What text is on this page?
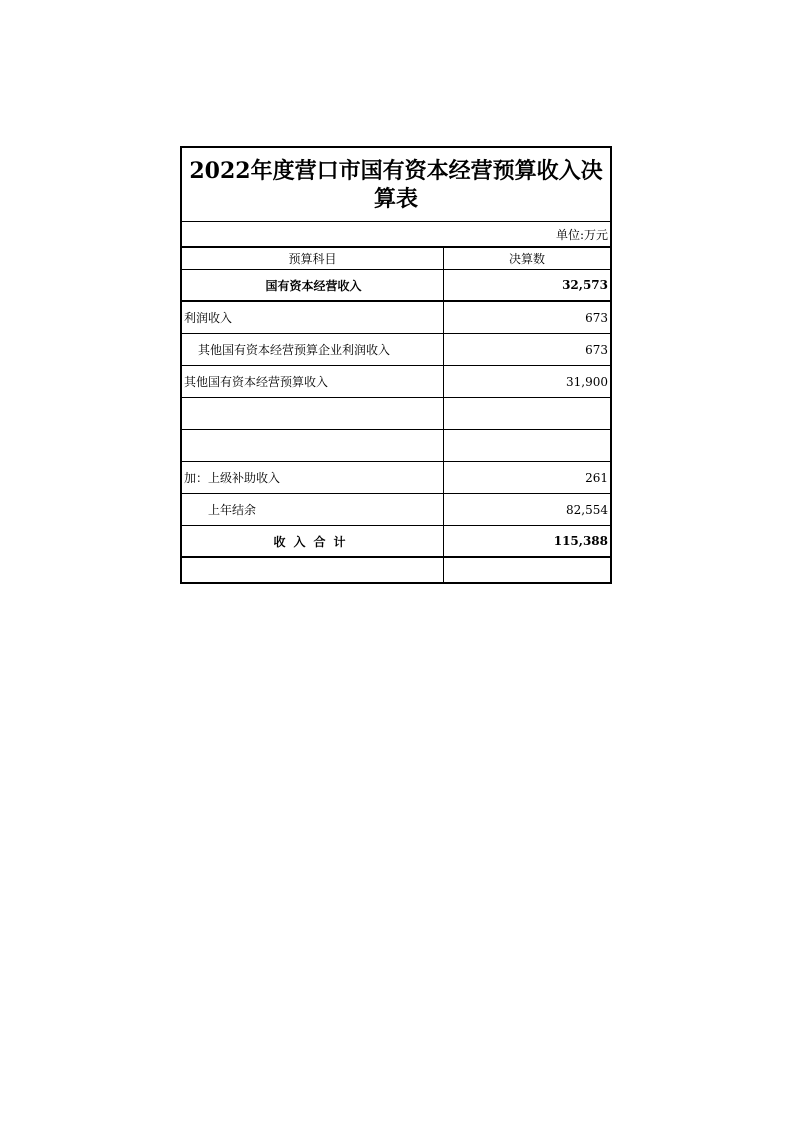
2022年度营口市国有资本经营预算收入决算表
单位:万元
预算科目	决算数
国有资本经营收入	32,573
利润收入	673
其他国有资本经营预算企业利润收入	673
其他国有资本经营预算收入	31,900
加：上级补助收入	261
上年结余	82,554
收入合计	115,388
